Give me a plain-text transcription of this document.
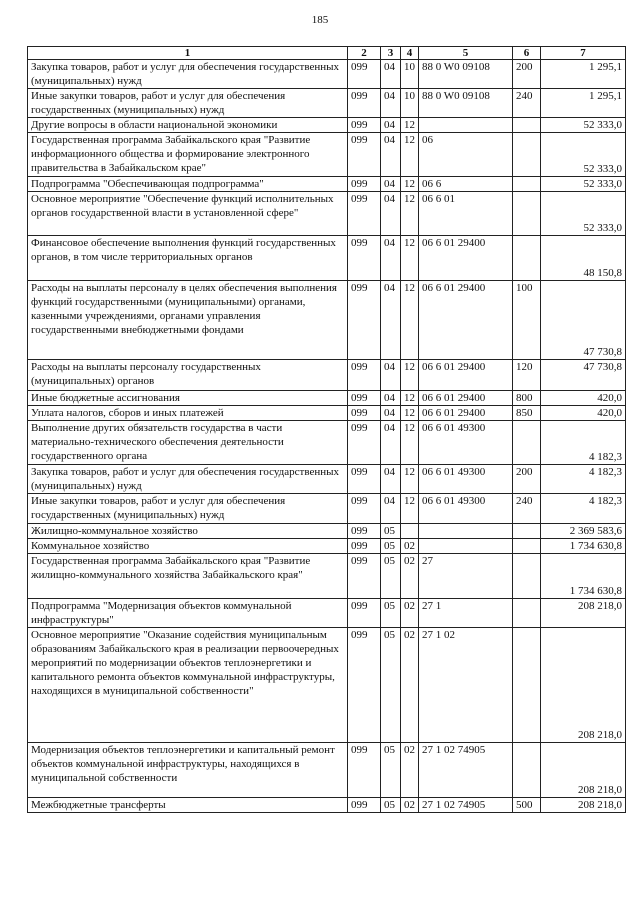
185
1	2	3	4	5	6	7
Закупка товаров, работ и услуг для обеспечения государственных (муниципальных) нужд	099	04	10	88 0 W0 09108	200	1 295,1
Иные закупки товаров, работ и услуг для обеспечения государственных (муниципальных) нужд	099	04	10	88 0 W0 09108	240	1 295,1
Другие вопросы в области национальной экономики	099	04	12			52 333,0
Государственная программа Забайкальского края "Развитие информационного общества и формирование электронного правительства в Забайкальском крае"	099	04	12	06		52 333,0
Подпрограмма "Обеспечивающая подпрограмма"	099	04	12	06 6		52 333,0
Основное мероприятие "Обеспечение функций исполнительных органов государственной власти в установленной сфере"	099	04	12	06 6 01		52 333,0
Финансовое обеспечение выполнения функций государственных органов, в том числе территориальных органов	099	04	12	06 6 01 29400		48 150,8
Расходы на выплаты персоналу в целях обеспечения выполнения функций государственными (муниципальными) органами, казенными учреждениями, органами управления государственными внебюджетными фондами	099	04	12	06 6 01 29400	100	47 730,8
Расходы на выплаты персоналу государственных (муниципальных) органов	099	04	12	06 6 01 29400	120	47 730,8
Иные бюджетные ассигнования	099	04	12	06 6 01 29400	800	420,0
Уплата налогов, сборов и иных платежей	099	04	12	06 6 01 29400	850	420,0
Выполнение других обязательств государства в части материально-технического обеспечения деятельности государственного органа	099	04	12	06 6 01 49300		4 182,3
Закупка товаров, работ и услуг для обеспечения государственных (муниципальных) нужд	099	04	12	06 6 01 49300	200	4 182,3
Иные закупки товаров, работ и услуг для обеспечения государственных (муниципальных) нужд	099	04	12	06 6 01 49300	240	4 182,3
Жилищно-коммунальное хозяйство	099	05				2 369 583,6
Коммунальное хозяйство	099	05	02			1 734 630,8
Государственная программа Забайкальского края "Развитие жилищно-коммунального хозяйства Забайкальского края"	099	05	02	27		1 734 630,8
Подпрограмма "Модернизация объектов коммунальной инфраструктуры"	099	05	02	27 1		208 218,0
Основное мероприятие "Оказание содействия муниципальным образованиям Забайкальского края в реализации первоочередных мероприятий по модернизации объектов теплоэнергетики и капитального ремонта объектов коммунальной инфраструктуры, находящихся в муниципальной собственности"	099	05	02	27 1 02		208 218,0
Модернизация объектов теплоэнергетики и капитальный ремонт объектов коммунальной инфраструктуры, находящихся в муниципальной собственности	099	05	02	27 1 02 74905		208 218,0
Межбюджетные трансферты	099	05	02	27 1 02 74905	500	208 218,0
